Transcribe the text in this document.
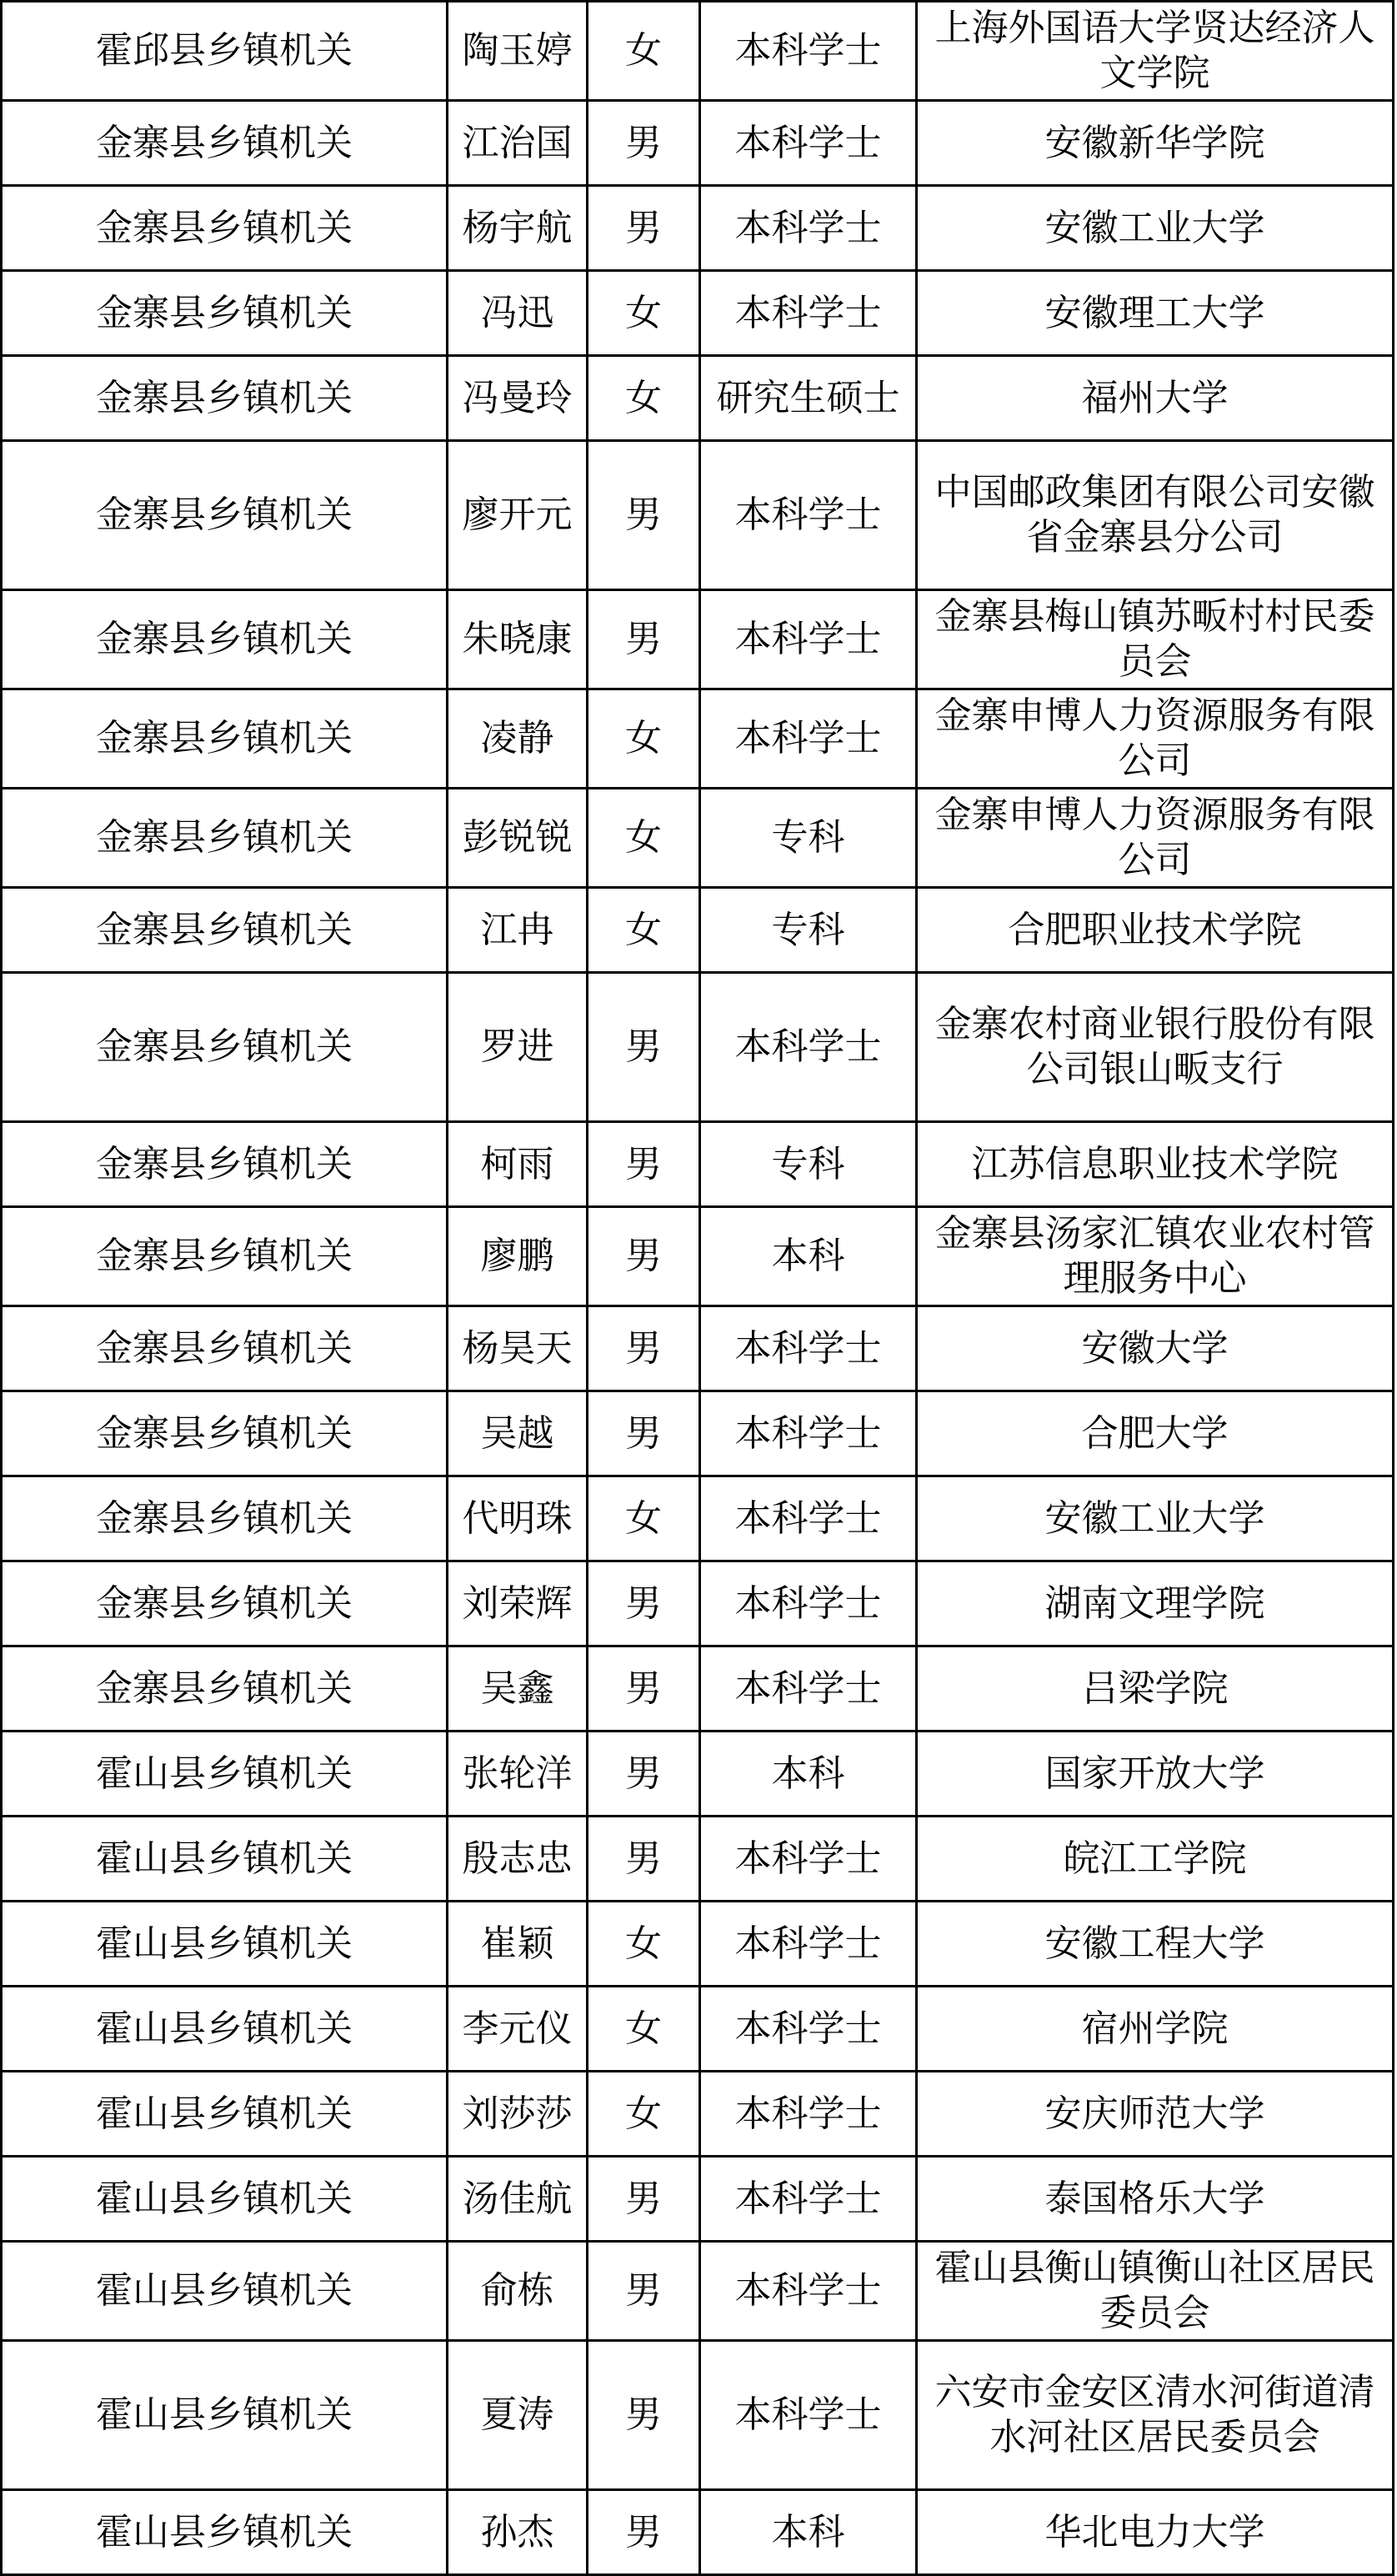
霍邱县乡镇机关	陶玉婷	女	本科学士	上海外国语大学贤达经济人文学院

金寨县乡镇机关	江治国	男	本科学士	安徽新华学院

金寨县乡镇机关	杨宇航	男	本科学士	安徽工业大学

金寨县乡镇机关	冯迅	女	本科学士	安徽理工大学

金寨县乡镇机关	冯曼玲	女	研究生硕士	福州大学

金寨县乡镇机关	廖开元	男	本科学士	中国邮政集团有限公司安徽省金寨县分公司

金寨县乡镇机关	朱晓康	男	本科学士	金寨县梅山镇苏畈村村民委员会

金寨县乡镇机关	凌静	女	本科学士	金寨申博人力资源服务有限公司

金寨县乡镇机关	彭锐锐	女	专科	金寨申博人力资源服务有限公司

金寨县乡镇机关	江冉	女	专科	合肥职业技术学院

金寨县乡镇机关	罗进	男	本科学士	金寨农村商业银行股份有限公司银山畈支行

金寨县乡镇机关	柯雨	男	专科	江苏信息职业技术学院

金寨县乡镇机关	廖鹏	男	本科	金寨县汤家汇镇农业农村管理服务中心

金寨县乡镇机关	杨昊天	男	本科学士	安徽大学

金寨县乡镇机关	吴越	男	本科学士	合肥大学

金寨县乡镇机关	代明珠	女	本科学士	安徽工业大学

金寨县乡镇机关	刘荣辉	男	本科学士	湖南文理学院

金寨县乡镇机关	吴鑫	男	本科学士	吕梁学院

霍山县乡镇机关	张轮洋	男	本科	国家开放大学

霍山县乡镇机关	殷志忠	男	本科学士	皖江工学院

霍山县乡镇机关	崔颖	女	本科学士	安徽工程大学

霍山县乡镇机关	李元仪	女	本科学士	宿州学院

霍山县乡镇机关	刘莎莎	女	本科学士	安庆师范大学

霍山县乡镇机关	汤佳航	男	本科学士	泰国格乐大学

霍山县乡镇机关	俞栋	男	本科学士	霍山县衡山镇衡山社区居民委员会

霍山县乡镇机关	夏涛	男	本科学士	六安市金安区清水河街道清水河社区居民委员会

霍山县乡镇机关	孙杰	男	本科	华北电力大学
